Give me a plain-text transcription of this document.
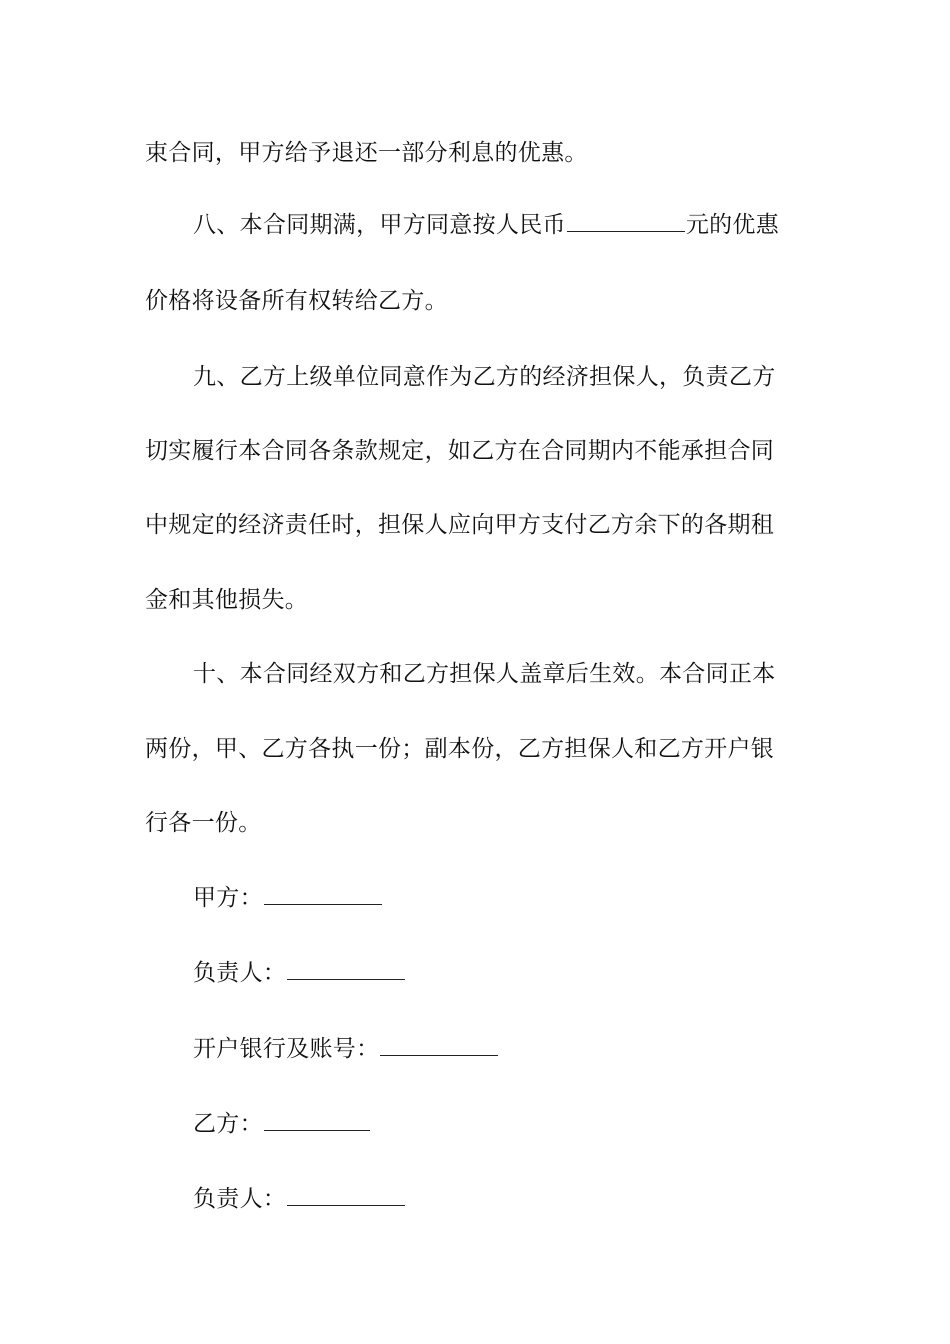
束合同，甲方给予退还一部分利息的优惠。
八、本合同期满，甲方同意按人民币	元的优惠
价格将设备所有权转给乙方。
九、乙方上级单位同意作为乙方的经济担保人，负责乙方
切实履行本合同各条款规定，如乙方在合同期内不能承担合同
中规定的经济责任时，担保人应向甲方支付乙方余下的各期租
金和其他损失。
十、本合同经双方和乙方担保人盖章后生效。本合同正本
两份，甲、乙方各执一份；副本份，乙方担保人和乙方开户银
行各一份。
甲方：
负责人：
开户银行及账号：
乙方：
负责人：
